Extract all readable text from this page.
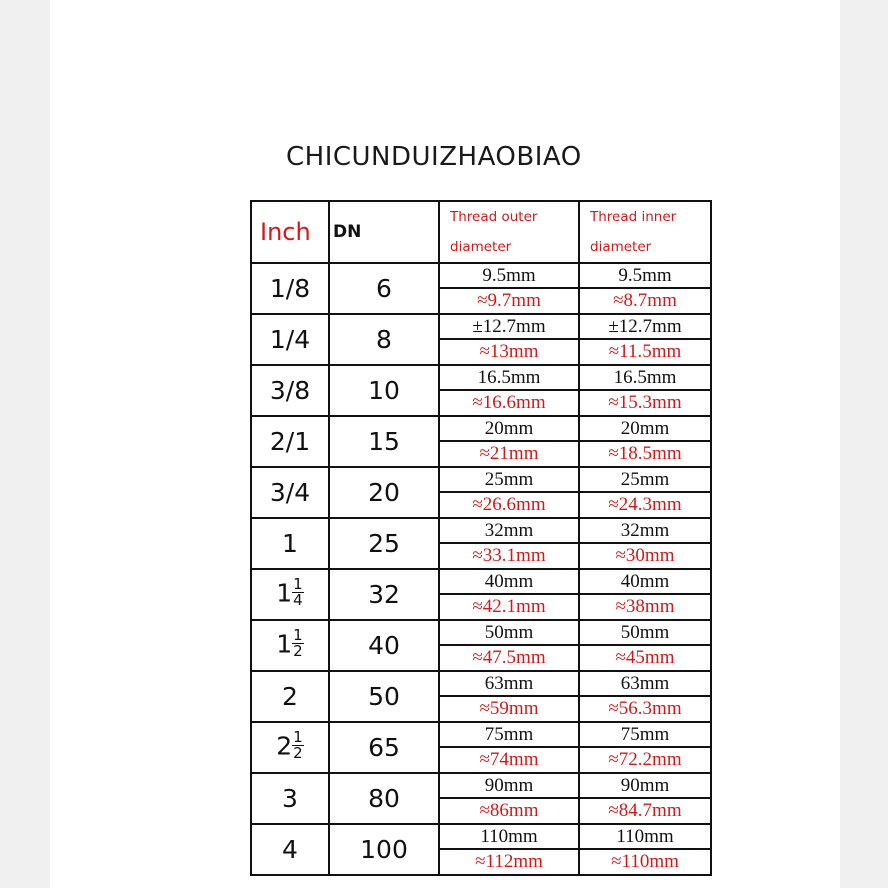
CHICUNDUIZHAOBIAO
Inch	DN	Thread outer diameter	Thread inner diameter
1/8	6	9.5mm	9.5mm
		≈9.7mm	≈8.7mm
1/4	8	±12.7mm	±12.7mm
		≈13mm	≈11.5mm
3/8	10	16.5mm	16.5mm
		≈16.6mm	≈15.3mm
2/1	15	20mm	20mm
		≈21mm	≈18.5mm
3/4	20	25mm	25mm
		≈26.6mm	≈24.3mm
1	25	32mm	32mm
		≈33.1mm	≈30mm
$1 \frac{1}{4}$	32	40mm	40mm
		≈42.1mm	≈38mm
$1 \frac{1}{2}$	40	50mm	50mm
		≈47.5mm	≈45mm
2	50	63mm	63mm
		≈59mm	≈56.3mm
$2 \frac{1}{2}$	65	75mm	75mm
		≈74mm	≈72.2mm
3	80	90mm	90mm
		≈86mm	≈84.7mm
4	100	110mm	110mm
		≈112mm	≈110mm
